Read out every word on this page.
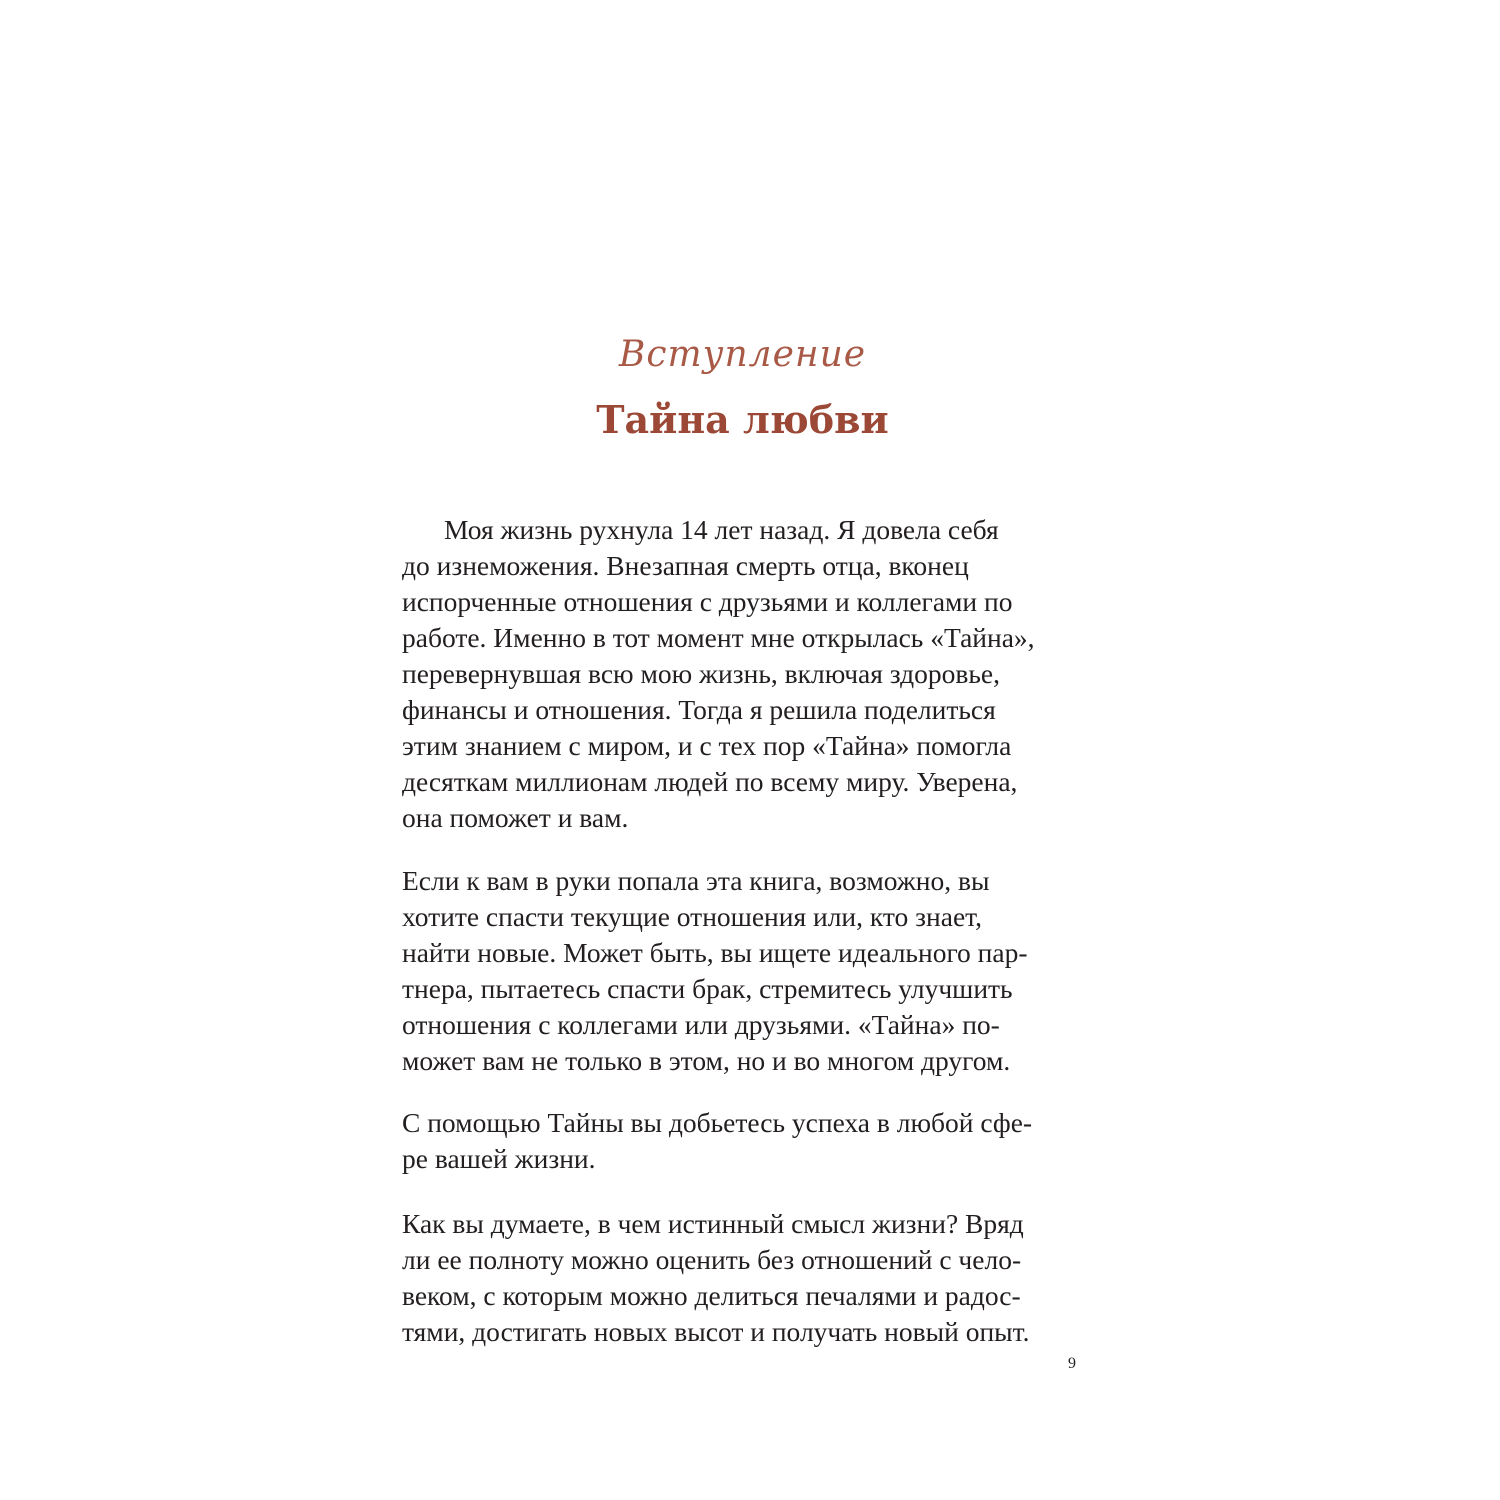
Вступление
Тайна любви
Моя жизнь рухнула 14 лет назад. Я довела себя
до изнеможения. Внезапная смерть отца, вконец
испорченные отношения с друзьями и коллегами по
работе. Именно в тот момент мне открылась «Тайна»,
перевернувшая всю мою жизнь, включая здоровье,
финансы и отношения. Тогда я решила поделиться
этим знанием с миром, и с тех пор «Тайна» помогла
десяткам миллионам людей по всему миру. Уверена,
она поможет и вам.
Если к вам в руки попала эта книга, возможно, вы
хотите спасти текущие отношения или, кто знает,
найти новые. Может быть, вы ищете идеального пар-
тнера, пытаетесь спасти брак, стремитесь улучшить
отношения с коллегами или друзьями. «Тайна» по-
может вам не только в этом, но и во многом другом.
С помощью Тайны вы добьетесь успеха в любой сфе-
ре вашей жизни.
Как вы думаете, в чем истинный смысл жизни? Вряд
ли ее полноту можно оценить без отношений с чело-
веком, с которым можно делиться печалями и радос-
тями, достигать новых высот и получать новый опыт.
9
